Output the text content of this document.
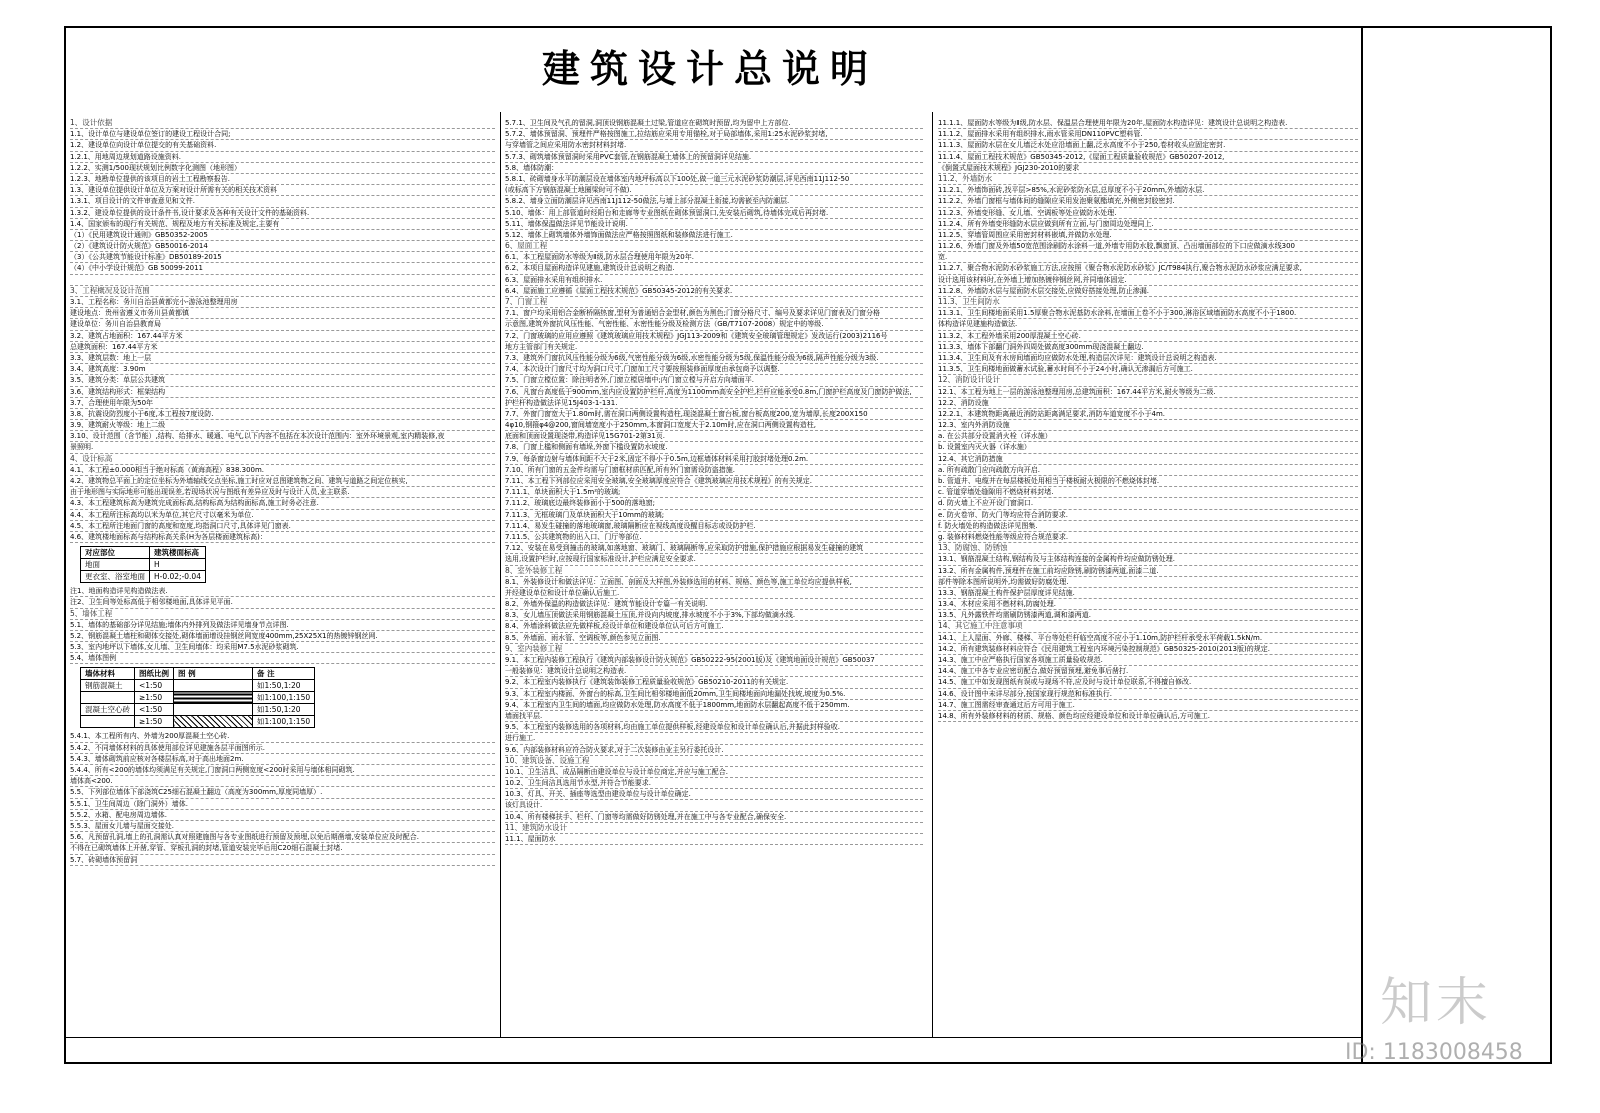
建筑设计总说明
1、设计依据
1.1、设计单位与建设单位签订的建设工程设计合同;
1.2、建设单位向设计单位提交的有关基础资料.
1.2.1、用地周边规划道路设施资料.
1.2.2、实测1/500现状规划比例数字化测图（地形图）
1.2.3、地勘单位提供的该项目的岩土工程勘察报告.
1.3、建设单位提供设计单位及方案对设计所需有关的相关技术资料
1.3.1、项目设计的文件审查意见和文件.
1.3.2、建设单位提供的设计条件书,设计要求及各种有关设计文件的基础资料.
1.4、国家颁布的现行有关规范、规程及地方有关标准及规定,主要有
（1）《民用建筑设计通则》GB50352-2005
（2）《建筑设计防火规范》GB50016-2014
（3）《公共建筑节能设计标准》DB50189-2015
（4）《中小学设计规范》GB 50099-2011
3、工程概况及设计范围
3.1、工程名称：务川自治县黄都完小-游泳池整理用房
建设地点：贵州省遵义市务川县黄都镇
建设单位：务川自治县教育局
3.2、建筑占地面积：167.44平方米
总建筑面积：167.44平方米
3.3、建筑层数：地上一层
3.4、建筑高度：3.90m
3.5、建筑分类：单层公共建筑
3.6、建筑结构形式：框架结构
3.7、合理使用年限为50年
3.8、抗震设防烈度小于6度,本工程按7度设防.
3.9、建筑耐火等级：地上二级
3.10、设计范围（含节能）,结构、给排水、暖通、电气,以下内容不包括在本次设计范围内：室外环境景观,室内精装修,夜
景照明.
4、设计标高
4.1、本工程±0.000相当于绝对标高（黄海高程）838.300m.
4.2、建筑物总平面上的定位坐标为外墙轴线交点坐标,施工时应对总图建筑物之间、建筑与道路之间定位核实,
由于地形图与实际地形可能出现误差,若现场状况与图纸有差异应及时与设计人员,业主联系.
4.3、本工程建筑标高为建筑完成面标高,结构标高为结构面标高,施工时务必注意.
4.4、本工程所注标高均以米为单位,其它尺寸以毫米为单位.
4.5、本工程所注地面门窗的高度和宽度,均指洞口尺寸,具体详见门窗表.
4.6、建筑楼地面标高与结构标高关系(H为各层楼面建筑标高)：
对应部位	建筑楼面标高
地面	H
更衣室、浴室地面	H-0.02;-0.04
注1、地面构造详见构造做法表.
注2、卫生间等处标高低于相邻楼地面,具体详见平面.
5、墙体工程
5.1、墙体的基础部分详见结施;墙体内外排列及做法详见墙身节点详图.
5.2、钢筋混凝土墙柱和砌体交接处,砌体墙面增设挂钢丝网宽度400mm,25X25X1的热镀锌钢丝网.
5.3、室内地坪以下墙体,女儿墙、卫生间墙体：均采用M7.5水泥砂浆砌筑.
5.4、墙体图例
墙体材料	图纸比例	图 例	备 注
钢筋混凝土	<1:50		如1:50,1:20
	≥1:50		如1:100,1:150
混凝土空心砖	<1:50		如1:50,1:20
	≥1:50		如1:100,1:150
5.4.1、本工程所有内、外墙为200厚混凝土空心砖.
5.4.2、不同墙体材料的具体使用部位详见建施各层平面图所示.
5.4.3、墙体砌筑前应核对各楼层标高,对于高出地面2m.
5.4.4、所有<200的墙体均须满足有关规定,门窗洞口两侧宽度<200时采用与墙体相同砌筑.
墙体高<200.
5.5、下列部位墙体下部浇筑C25细石混凝土翻边（高度为300mm,厚度同墙厚）.
5.5.1、卫生间周边（除门洞外）墙体.
5.5.2、水箱、配电房周边墙体.
5.5.3、屋面女儿墙与屋面交接处.
5.6、凡预留孔洞,墙上的孔洞需认真对照建施图与各专业图纸进行预留及预埋,以免后期凿墙,安装单位应及时配合.
不得在已砌筑墙体上开凿,穿管、穿板孔洞的封堵,管道安装完毕后用C20细石混凝土封堵.
5.7、砖砌墙体预留洞
5.7.1、卫生间及气孔的留洞,洞顶设钢筋混凝土过梁,管道应在砌筑时预留,均为留中上方部位.
5.7.2、墙体预留洞、预埋件严格按图施工,拉结筋应采用专用锚栓,对于局部墙体,采用1:25水泥砂浆封堵,
与穿墙管之间应采用防水密封材料封堵.
5.7.3、砌筑墙体预留洞时采用PVC套管,在钢筋混凝土墙体上的预留洞详见结施.
5.8、墙体防潮：
5.8.1、砖砌墙身水平防潮层设在墙体室内地坪标高以下100处,做一道三元水泥砂浆防潮层,详见西南11J112-50
(或标高下方钢筋混凝土地圈梁时可不做).
5.8.2、墙身立面防潮层详见西南11J112-50做法,与墙上部分混凝土衔接,均需嵌至内防潮层.
5.10、墙体：用上部管道时经阳台和走廊等专业图纸在砌体预留洞口,先安装后砌筑,待墙体完成后再封堵.
5.11、墙体保温做法详见节能设计说明.
5.12、墙体上砌筑墙体外墙饰面做法应严格按照图纸和装修做法进行施工.
6、屋面工程
6.1、本工程屋面防水等级为Ⅱ级,防水层合理使用年限为20年.
6.2、本项目屋面构造详见建施,建筑设计总说明之构造.
6.3、屋面排水采用有组织排水.
6.4、屋面施工应遵循《屋面工程技术规范》GB50345-2012的有关要求.
7、门窗工程
7.1、窗户均采用铝合金断桥隔热窗,型材为普通铝合金型材,颜色为黑色;门窗分格尺寸、编号及要求详见门窗表及门窗分格
示意图,建筑外窗抗风压性能、气密性能、水密性能分级及检测方法（GB/T7107-2008）规定中的等级.
7.2、门窗玻璃的应用应遵照《建筑玻璃应用技术规程》JGJ113-2009和《建筑安全玻璃管理规定》发改运行(2003)2116号
地方主管部门有关规定.
7.3、建筑外门窗抗风压性能分级为6级,气密性能分级为6级,水密性能分级为5级,保温性能分级为6级,隔声性能分级为3级.
7.4、本次设计门窗尺寸均为洞口尺寸,门窗加工尺寸要按照装修面厚度由承包商予以调整.
7.5、门窗立樘位置：除注明者外,门窗立樘居墙中;内门窗立樘与开启方向墙面平.
7.6、凡窗台高度低于900mm,室内应设置防护栏杆,高度为1100mm高安全护栏,栏杆应能承受0.8m,门窗护栏高度及门窗防护做法,
护栏杆构造做法详见15J403-1-131.
7.7、外窗门窗宽大于1.80m时,需在洞口两侧设置构造柱,现浇混凝土窗台板,窗台板高度200,宽为墙厚,长度200X150
4φ10,钢箍φ4@200,窗间墙宽度小于250mm,本窗洞口宽度大于2.10m时,应在洞口两侧设置构造柱,
底面和顶面设置现浇带,构造详见15G701-2第31页.
7.8、门窗上槛和侧面有墙垛,外窗下槛设置防水坡度.
7.9、每条窗边射与墙体间距不大于2米,固定不得小于0.5m,边框墙体材料采用打胶封堵处理0.2m.
7.10、所有门窗的五金件均需与门窗框材质匹配,所有外门窗需设防盗措施.
7.11、本工程下列部位应采用安全玻璃,安全玻璃厚度应符合《建筑玻璃应用技术规程》的有关规定.
7.11.1、单块面积大于1.5m²的玻璃;
7.11.2、玻璃底边最终装修面小于500的落地窗;
7.11.3、无框玻璃门及单块面积大于10mm的玻璃;
7.11.4、易发生碰撞的落地玻璃窗,玻璃隔断应在视线高度设醒目标志或设防护栏.
7.11.5、公共建筑物的出入口、门厅等部位.
7.12、安装在易受到撞击的玻璃,如落地窗、玻璃门、玻璃隔断等,应采取防护措施,保护措施应根据易发生碰撞的建筑
选用,设置护栏时,应按现行国家标准设计,护栏应满足安全要求.
8、室外装修工程
8.1、外装修设计和做法详见：立面图、剖面及大样图,外装修选用的材料、规格、颜色等,施工单位均应提供样板,
并经建设单位和设计单位确认后施工.
8.2、外墙外保温的构造做法详见：建筑节能设计专篇一有关说明.
8.3、女儿墙压顶做法采用钢筋混凝土压顶,并设向内坡度,排水坡度不小于3%,下部均做滴水线.
8.4、外墙涂料做法应先做样板,经设计单位和建设单位认可后方可施工.
8.5、外墙面、雨水管、空调板等,颜色参见立面图.
9、室内装修工程
9.1、本工程内装修工程执行《建筑内部装修设计防火规范》GB50222-95(2001版)及《建筑地面设计规范》GB50037
一般装修见：建筑设计总说明之构造表.
9.2、本工程室内装修执行《建筑装饰装修工程质量验收规范》GB50210-2011的有关规定.
9.3、本工程室内楼面、外窗台的标高,卫生间比相邻楼地面低20mm,卫生间楼地面向地漏处找坡,坡度为0.5%.
9.4、本工程室内卫生间的墙面,均应做防水处理,防水高度不低于1800mm,地面防水层翻起高度不低于250mm.
墙面找平层.
9.5、本工程室内装修选用的各项材料,均由施工单位提供样板,经建设单位和设计单位确认后,并据此封样验收.
进行施工.
9.6、内部装修材料应符合防火要求,对于二次装修由业主另行委托设计.
10、建筑设备、设施工程
10.1、卫生洁具、成品隔断由建设单位与设计单位商定,并应与施工配合.
10.2、卫生间洁具选用节水型,并符合节能要求.
10.3、灯具、开关、插座等选型由建设单位与设计单位确定.
该灯具设计.
10.4、所有楼梯扶手、栏杆、门窗等均需做好防锈处理,并在施工中与各专业配合,确保安全.
11、建筑防水设计
11.1、屋面防水
11.1.1、屋面防水等级为Ⅱ级,防水层、保温层合理使用年限为20年,屋面防水构造详见：建筑设计总说明之构造表.
11.1.2、屋面排水采用有组织排水,雨水管采用DN110PVC塑料管.
11.1.3、屋面防水层在女儿墙泛水处应沿墙面上翻,泛水高度不小于250,卷材收头应固定密封.
11.1.4、屋面工程技术规范》GB50345-2012,《屋面工程质量验收规范》GB50207-2012,
《倒置式屋面技术规程》JGJ230-2010的要求
11.2、外墙防水
11.2.1、外墙饰面砖,找平层>85%,水泥砂浆防水层,总厚度不小于20mm,外墙防水层.
11.2.2、外墙门窗框与墙体间的缝隙应采用发泡聚氨酯填充,外侧密封胶密封.
11.2.3、外墙变形缝、女儿墙、空调板等处应做防水处理.
11.2.4、所有外墙变形缝防水层应做到所有立面,与门窗周边处理同上.
11.2.5、穿墙管周围应采用密封材料嵌填,并做防水处理.
11.2.6、外墙门窗及外墙50宽范围涂刷防水涂料一道,外墙专用防水胶,飘窗顶、凸出墙面部位的下口应做滴水线300
宽.
11.2.7、聚合物水泥防水砂浆施工方法,应按照《聚合物水泥防水砂浆》JC/T984执行,聚合物水泥防水砂浆应满足要求,
设计选用该材料时,在外墙上增加热镀锌钢丝网,并同墙体固定.
11.2.8、外墙防水层与屋面防水层交接处,应做好搭接处理,防止渗漏.
11.3、卫生间防水
11.3.1、卫生间楼地面采用1.5厚聚合物水泥基防水涂料,在墙面上卷不小于300,淋浴区域墙面防水高度不小于1800.
体构造详见建施构造做法.
11.3.2、本工程外墙采用200厚混凝土空心砖.
11.3.3、墙体下部翻门洞外四周处做高度300mm现浇混凝土翻边.
11.3.4、卫生间及有水房间墙面均应做防水处理,构造层次详见：建筑设计总说明之构造表.
11.3.5、卫生间楼地面做蓄水试验,蓄水时间不小于24小时,确认无渗漏后方可施工.
12、消防设计设计
12.1、本工程为地上一层的游泳池整理用房,总建筑面积：167.44平方米,耐火等级为二级.
12.2、消防设施
12.2.1、本建筑物距离最近消防站距离满足要求,消防车道宽度不小于4m.
12.3、室内外消防设施
a. 在公共部分设置消火栓（详水施）
b. 设置室内灭火器（详水施）
12.4、其它消防措施
a. 所有疏散门应向疏散方向开启.
b. 管道井、电缆井在每层楼板处用相当于楼板耐火极限的不燃烧体封堵.
c. 管道穿墙处缝隙用不燃烧材料封堵.
d. 防火墙上不应开设门窗洞口.
e. 防火卷帘、防火门等均应符合消防要求.
f. 防火墙处的构造做法详见图集.
g. 装修材料燃烧性能等级应符合规范要求.
13、防腐蚀、防锈蚀
13.1、钢筋混凝土结构,钢结构及与主体结构连接的金属构件均应做防锈处理.
13.2、所有金属构件,预埋件在施工前均应除锈,刷防锈漆两道,面漆二道.
部件等除本图所说明外,均需做好防腐处理.
13.3、钢筋混凝土构件保护层厚度详见结施.
13.4、木材应采用不燃材料,防腐处理.
13.5、凡外露铁件均需刷防锈漆两道,调和漆两道.
14、其它施工中注意事项
14.1、上人屋面、外廊、楼梯、平台等处栏杆临空高度不应小于1.10m,防护栏杆承受水平荷载1.5kN/m.
14.2、所有建筑装修材料应符合《民用建筑工程室内环境污染控制规范》GB50325-2010(2013版)的规定.
14.3、施工中应严格执行国家各项施工质量验收规范.
14.4、施工中各专业应密切配合,做好预留预埋,避免事后凿打.
14.5、施工中如发现图纸有误或与现场不符,应及时与设计单位联系,不得擅自修改.
14.6、设计图中未详尽部分,按国家现行规范和标准执行.
14.7、施工图需经审查通过后方可用于施工.
14.8、所有外装修材料的材质、规格、颜色均应经建设单位和设计单位确认后,方可施工.
知末
ID: 1183008458
